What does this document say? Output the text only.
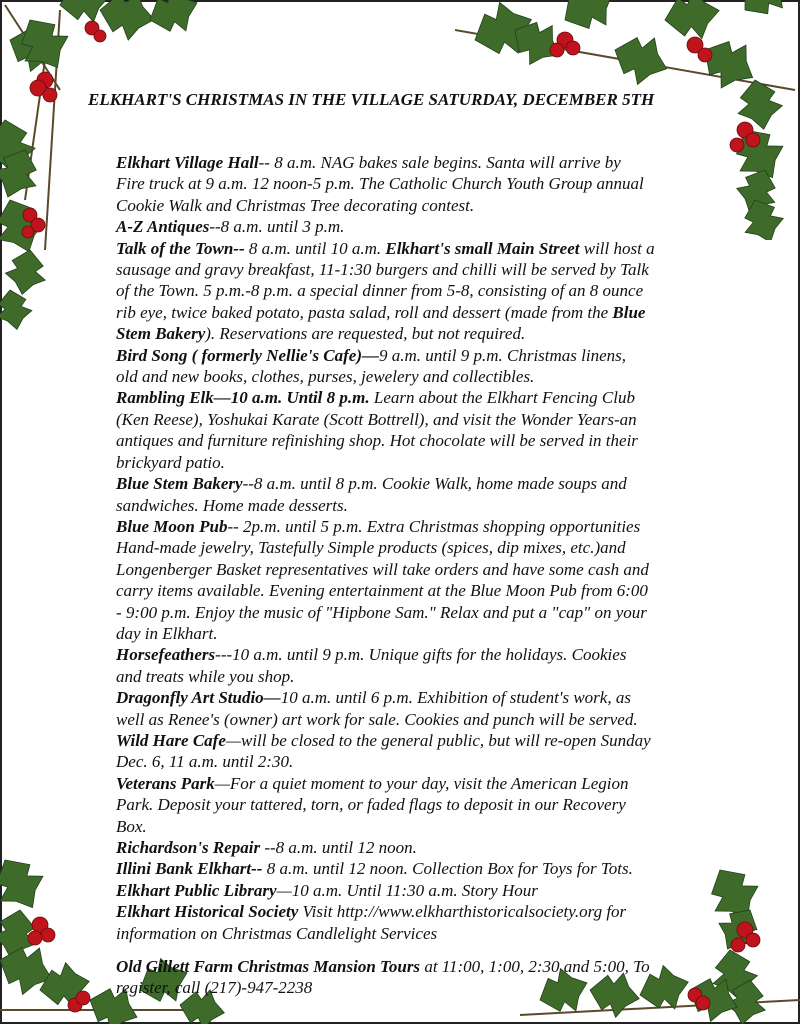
ELKHART'S CHRISTMAS IN THE VILLAGE SATURDAY, DECEMBER 5TH
Elkhart Village Hall-- 8 a.m. NAG bakes sale begins. Santa will arrive by
Fire truck at 9 a.m. 12 noon-5 p.m. The Catholic Church Youth Group annual
Cookie Walk and Christmas Tree decorating contest.
A-Z Antiques--8 a.m. until 3 p.m.
Talk of the Town-- 8 a.m. until 10 a.m. Elkhart's small Main Street will host a
sausage and gravy breakfast, 11-1:30 burgers and chilli will be served by Talk
of the Town. 5 p.m.-8 p.m. a special dinner from 5-8, consisting of an 8 ounce
rib eye, twice baked potato, pasta salad, roll and dessert (made from the Blue
Stem Bakery). Reservations are requested, but not required.
Bird Song ( formerly Nellie's Cafe)—9 a.m. until 9 p.m. Christmas linens,
old and new books, clothes, purses, jewelery and collectibles.
Rambling Elk—10 a.m. Until 8 p.m. Learn about the Elkhart Fencing Club
(Ken Reese), Yoshukai Karate (Scott Bottrell), and visit the Wonder Years-an
antiques and furniture refinishing shop. Hot chocolate will be served in their
brickyard patio.
Blue Stem Bakery--8 a.m. until 8 p.m. Cookie Walk, home made soups and
sandwiches. Home made desserts.
Blue Moon Pub-- 2p.m. until 5 p.m. Extra Christmas shopping opportunities
Hand-made jewelry, Tastefully Simple products (spices, dip mixes, etc.)and
Longenberger Basket representatives will take orders and have some cash and
carry items available. Evening entertainment at the Blue Moon Pub from 6:00
- 9:00 p.m. Enjoy the music of "Hipbone Sam." Relax and put a "cap" on your
day in Elkhart.
Horsefeathers---10 a.m. until 9 p.m. Unique gifts for the holidays. Cookies
and treats while you shop.
Dragonfly Art Studio—10 a.m. until 6 p.m. Exhibition of student's work, as
well as Renee's (owner) art work for sale. Cookies and punch will be served.
Wild Hare Cafe—will be closed to the general public, but will re-open Sunday
Dec. 6, 11 a.m. until 2:30.
Veterans Park—For a quiet moment to your day, visit the American Legion
Park. Deposit your tattered, torn, or faded flags to deposit in our Recovery
Box.
Richardson's Repair --8 a.m. until 12 noon.
Illini Bank Elkhart-- 8 a.m. until 12 noon. Collection Box for Toys for Tots.
Elkhart Public Library—10 a.m. Until 11:30 a.m. Story Hour
Elkhart Historical Society Visit http://www.elkharthistoricalsociety.org for
information on Christmas Candlelight Services
Old Gillett Farm Christmas Mansion Tours at 11:00, 1:00, 2:30 and 5:00, To
register, call (217)-947-2238
